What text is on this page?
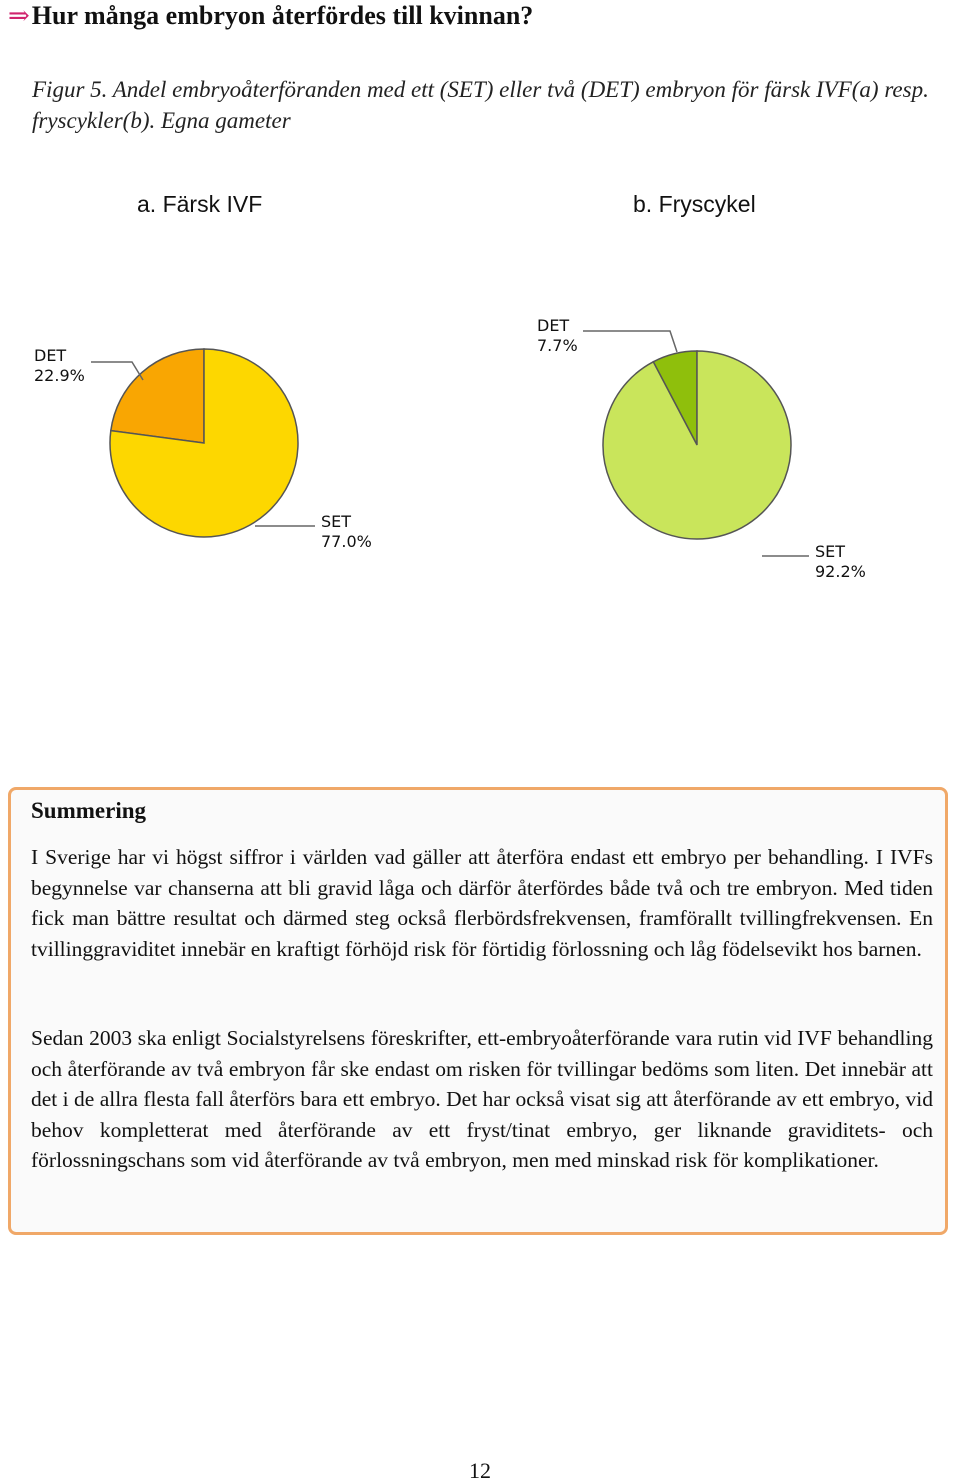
⇒Hur många embryon återfördes till kvinnan?
Figur 5. Andel embryoåterföranden med ett (SET) eller två (DET) embryon för färsk IVF(a) resp. fryscykler(b). Egna gameter
a. Färsk IVF	b. Fryscykel
DET
22.9%
SET
77.0%
DET
7.7%
SET
92.2%
Summering
I Sverige har vi högst siffror i världen vad gäller att återföra endast ett embryo per behandling. I IVFs begynnelse var chanserna att bli gravid låga och därför återfördes både två och tre embryon. Med tiden fick man bättre resultat och därmed steg också flerbördsfrekvensen, framförallt tvillingfrekvensen. En tvillinggraviditet innebär en kraftigt förhöjd risk för förtidig förlossning och låg födelsevikt hos barnen.
Sedan 2003 ska enligt Socialstyrelsens föreskrifter, ett-embryoåterförande vara rutin vid IVF behandling och återförande av två embryon får ske endast om risken för tvillingar bedöms som liten. Det innebär att det i de allra flesta fall återförs bara ett embryo. Det har också visat sig att återförande av ett embryo, vid behov kompletterat med återförande av ett fryst/tinat embryo, ger liknande graviditets- och förlossningschans som vid återförande av två embryon, men med minskad risk för komplikationer.
12
